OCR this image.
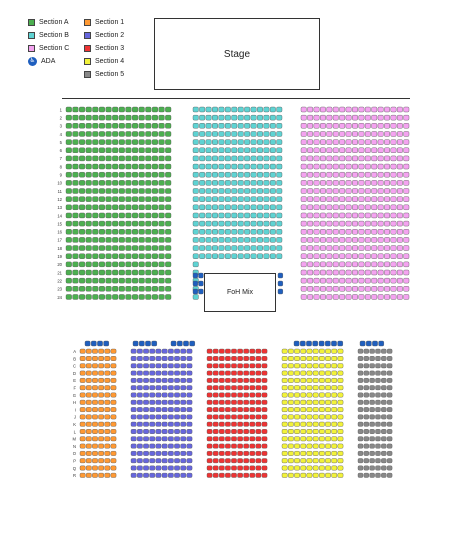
Section A
Section B
Section C
♿ ADA
Section 1
Section 2
Section 3
Section 4
Section 5
Stage
1
2
3
4
5
6
7
8
9
10
11
12
13
14
15
16
17
18
19
20
21
22
23
24
A
B
C
D
E
F
G
H
I
J
K
L
M
N
O
P
Q
R
FoH Mix
